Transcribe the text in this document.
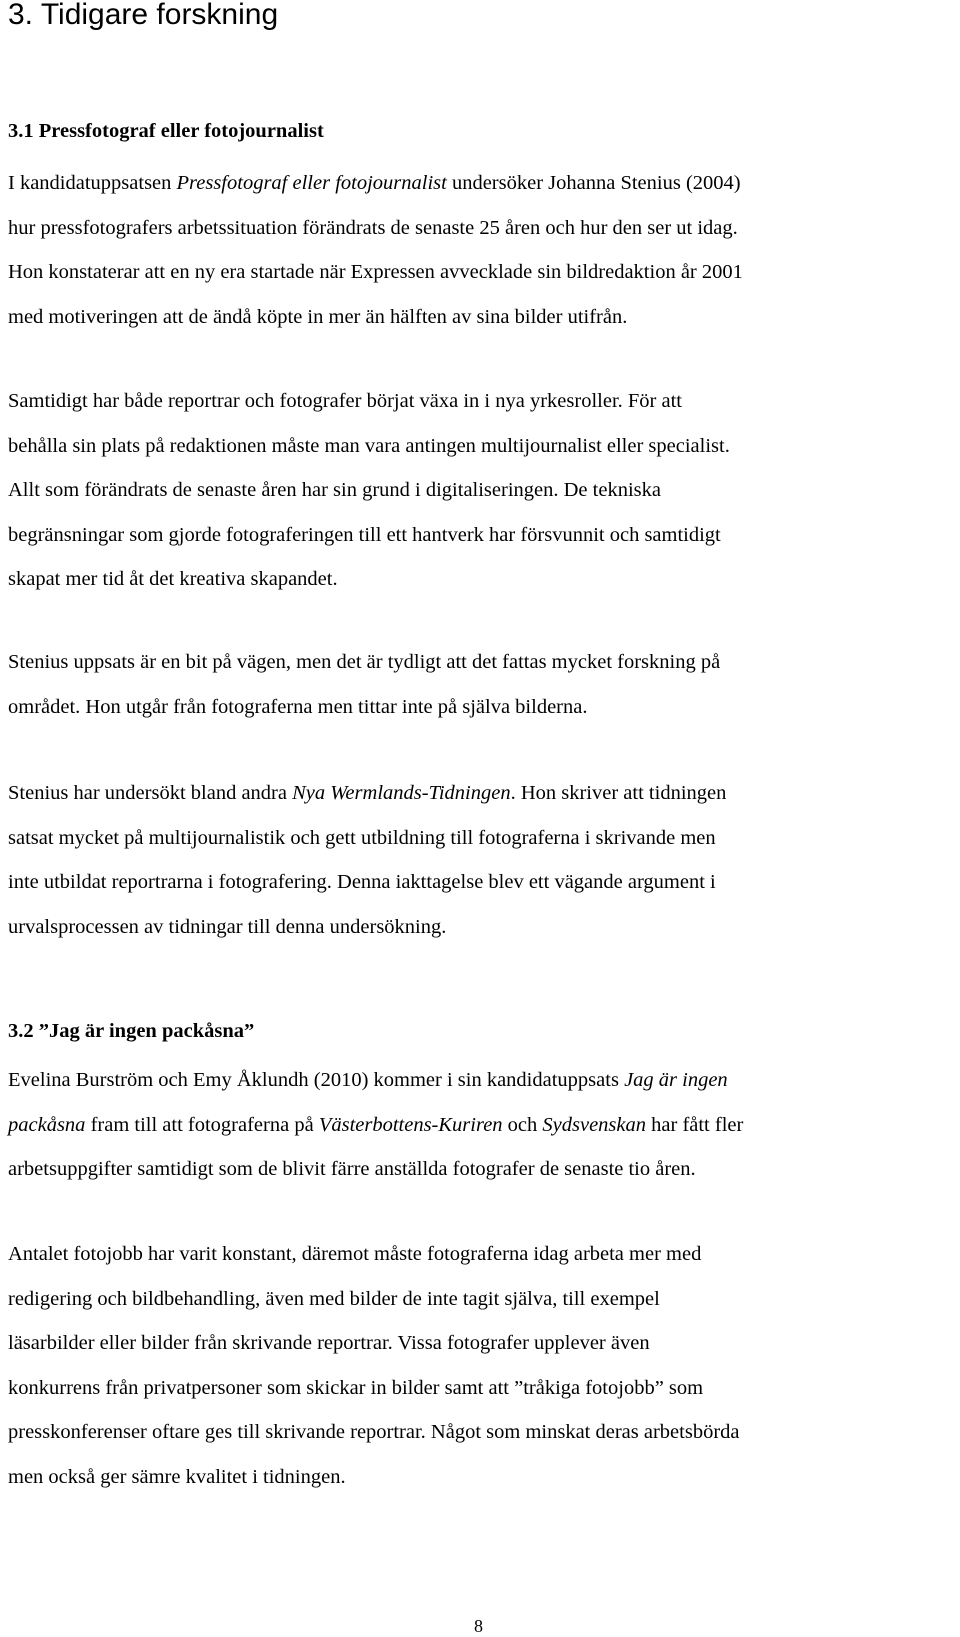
3. Tidigare forskning
3.1 Pressfotograf eller fotojournalist

I kandidatuppsatsen Pressfotograf eller fotojournalist undersöker Johanna Stenius (2004)
hur pressfotografers arbetssituation förändrats de senaste 25 åren och hur den ser ut idag.
Hon konstaterar att en ny era startade när Expressen avvecklade sin bildredaktion år 2001
med motiveringen att de ändå köpte in mer än hälften av sina bilder utifrån.

Samtidigt har både reportrar och fotografer börjat växa in i nya yrkesroller. För att
behålla sin plats på redaktionen måste man vara antingen multijournalist eller specialist.
Allt som förändrats de senaste åren har sin grund i digitaliseringen. De tekniska
begränsningar som gjorde fotograferingen till ett hantverk har försvunnit och samtidigt
skapat mer tid åt det kreativa skapandet.

Stenius uppsats är en bit på vägen, men det är tydligt att det fattas mycket forskning på
området. Hon utgår från fotograferna men tittar inte på själva bilderna.

Stenius har undersökt bland andra Nya Wermlands-Tidningen. Hon skriver att tidningen
satsat mycket på multijournalistik och gett utbildning till fotograferna i skrivande men
inte utbildat reportrarna i fotografering. Denna iakttagelse blev ett vägande argument i
urvalsprocessen av tidningar till denna undersökning.

3.2 ”Jag är ingen packåsna”

Evelina Burström och Emy Åklundh (2010) kommer i sin kandidatuppsats Jag är ingen
packåsna fram till att fotograferna på Västerbottens-Kuriren och Sydsvenskan har fått fler
arbetsuppgifter samtidigt som de blivit färre anställda fotografer de senaste tio åren.

Antalet fotojobb har varit konstant, däremot måste fotograferna idag arbeta mer med
redigering och bildbehandling, även med bilder de inte tagit själva, till exempel
läsarbilder eller bilder från skrivande reportrar. Vissa fotografer upplever även
konkurrens från privatpersoner som skickar in bilder samt att ”tråkiga fotojobb” som
presskonferenser oftare ges till skrivande reportrar. Något som minskat deras arbetsbörda
men också ger sämre kvalitet i tidningen.

8
